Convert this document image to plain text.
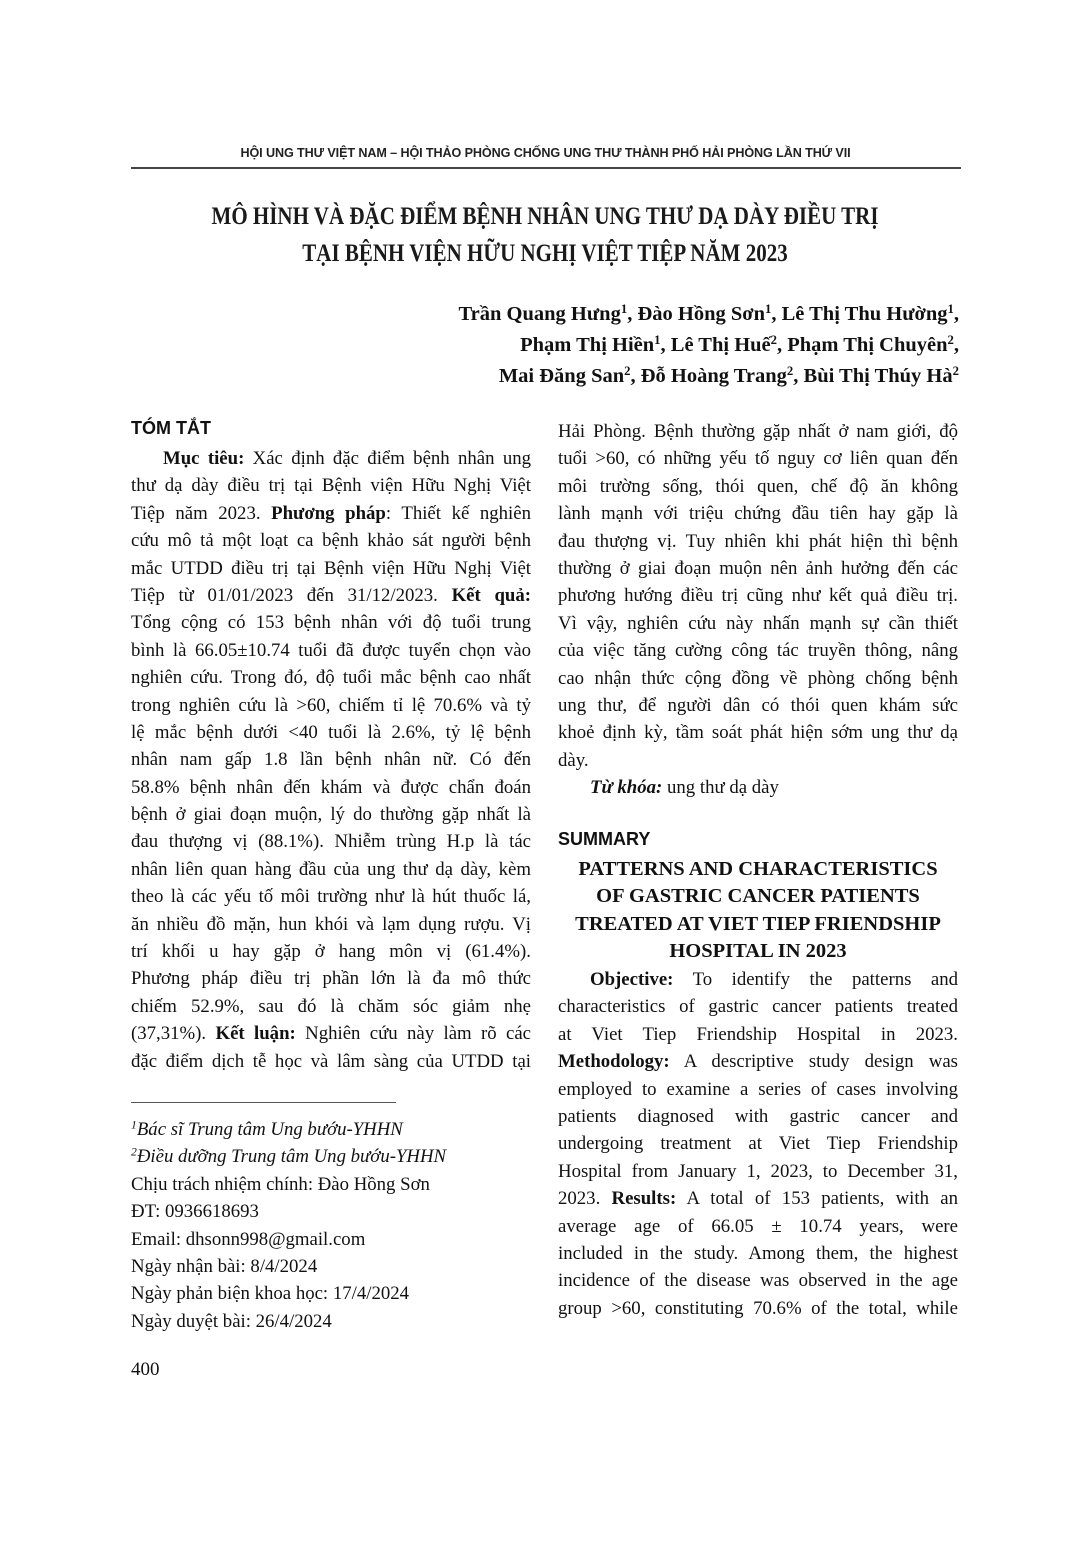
HỘI UNG THƯ VIỆT NAM – HỘI THẢO PHÒNG CHỐNG UNG THƯ THÀNH PHỐ HẢI PHÒNG LẦN THỨ VII
MÔ HÌNH VÀ ĐẶC ĐIỂM BỆNH NHÂN UNG THƯ DẠ DÀY ĐIỀU TRỊ
TẠI BỆNH VIỆN HỮU NGHỊ VIỆT TIỆP NĂM 2023
Trần Quang Hưng$^1$, Đào Hồng Sơn$^1$, Lê Thị Thu Hường$^1$,
Phạm Thị Hiền$^1$, Lê Thị Huế$^2$, Phạm Thị Chuyên$^2$,
Mai Đăng San$^2$, Đỗ Hoàng Trang$^2$, Bùi Thị Thúy $Hà^2$
TÓM TẮT
Mục tiêu: Xác định đặc điểm bệnh nhân ung
thư dạ dày điều trị tại Bệnh viện Hữu Nghị Việt
Tiệp năm 2023. Phương pháp: Thiết kế nghiên
cứu mô tả một loạt ca bệnh khảo sát người bệnh
mắc UTDD điều trị tại Bệnh viện Hữu Nghị Việt
Tiệp từ 01/01/2023 đến 31/12/2023. Kết quả:
Tổng cộng có 153 bệnh nhân với độ tuổi trung
bình là 66.05±10.74 tuổi đã được tuyển chọn vào
nghiên cứu. Trong đó, độ tuổi mắc bệnh cao nhất
trong nghiên cứu là >60, chiếm tỉ lệ 70.6% và tỷ
lệ mắc bệnh dưới <40 tuổi là 2.6%, tỷ lệ bệnh
nhân nam gấp 1.8 lần bệnh nhân nữ. Có đến
58.8% bệnh nhân đến khám và được chẩn đoán
bệnh ở giai đoạn muộn, lý do thường gặp nhất là
đau thượng vị (88.1%). Nhiễm trùng H.p là tác
nhân liên quan hàng đầu của ung thư dạ dày, kèm
theo là các yếu tố môi trường như là hút thuốc lá,
ăn nhiều đồ mặn, hun khói và lạm dụng rượu. Vị
trí khối u hay gặp ở hang môn vị (61.4%).
Phương pháp điều trị phần lớn là đa mô thức
chiếm 52.9%, sau đó là chăm sóc giảm nhẹ
(37,31%). Kết luận: Nghiên cứu này làm rõ các
đặc điểm dịch tễ học và lâm sàng của UTDD tại
Hải Phòng. Bệnh thường gặp nhất ở nam giới, độ
tuổi >60, có những yếu tố nguy cơ liên quan đến
môi trường sống, thói quen, chế độ ăn không
lành mạnh với triệu chứng đầu tiên hay gặp là
đau thượng vị. Tuy nhiên khi phát hiện thì bệnh
thường ở giai đoạn muộn nên ảnh hưởng đến các
phương hướng điều trị cũng như kết quả điều trị.
Vì vậy, nghiên cứu này nhấn mạnh sự cần thiết
của việc tăng cường công tác truyền thông, nâng
cao nhận thức cộng đồng về phòng chống bệnh
ung thư, để người dân có thói quen khám sức
khoẻ định kỳ, tầm soát phát hiện sớm ung thư dạ
dày.
Từ khóa: ung thư dạ dày
SUMMARY
PATTERNS AND CHARACTERISTICS
OF GASTRIC CANCER PATIENTS
TREATED AT VIET TIEP FRIENDSHIP
HOSPITAL IN 2023
Objective: To identify the patterns and
characteristics of gastric cancer patients treated
at Viet Tiep Friendship Hospital in 2023.
Methodology: A descriptive study design was
employed to examine a series of cases involving
patients diagnosed with gastric cancer and
undergoing treatment at Viet Tiep Friendship
Hospital from January 1, 2023, to December 31,
2023. Results: A total of 153 patients, with an
average age of 66.05 ± 10.74 years, were
included in the study. Among them, the highest
incidence of the disease was observed in the age
group >60, constituting 70.6% of the total, while
$^1$Bác sĩ Trung tâm Ung bướu-YHHN
$^2$Điều dưỡng Trung tâm Ung bướu-YHHN
Chịu trách nhiệm chính: Đào Hồng Sơn
ĐT: 0936618693
Email: dhsonn998@gmail.com
Ngày nhận bài: 8/4/2024
Ngày phản biện khoa học: 17/4/2024
Ngày duyệt bài: 26/4/2024
400
